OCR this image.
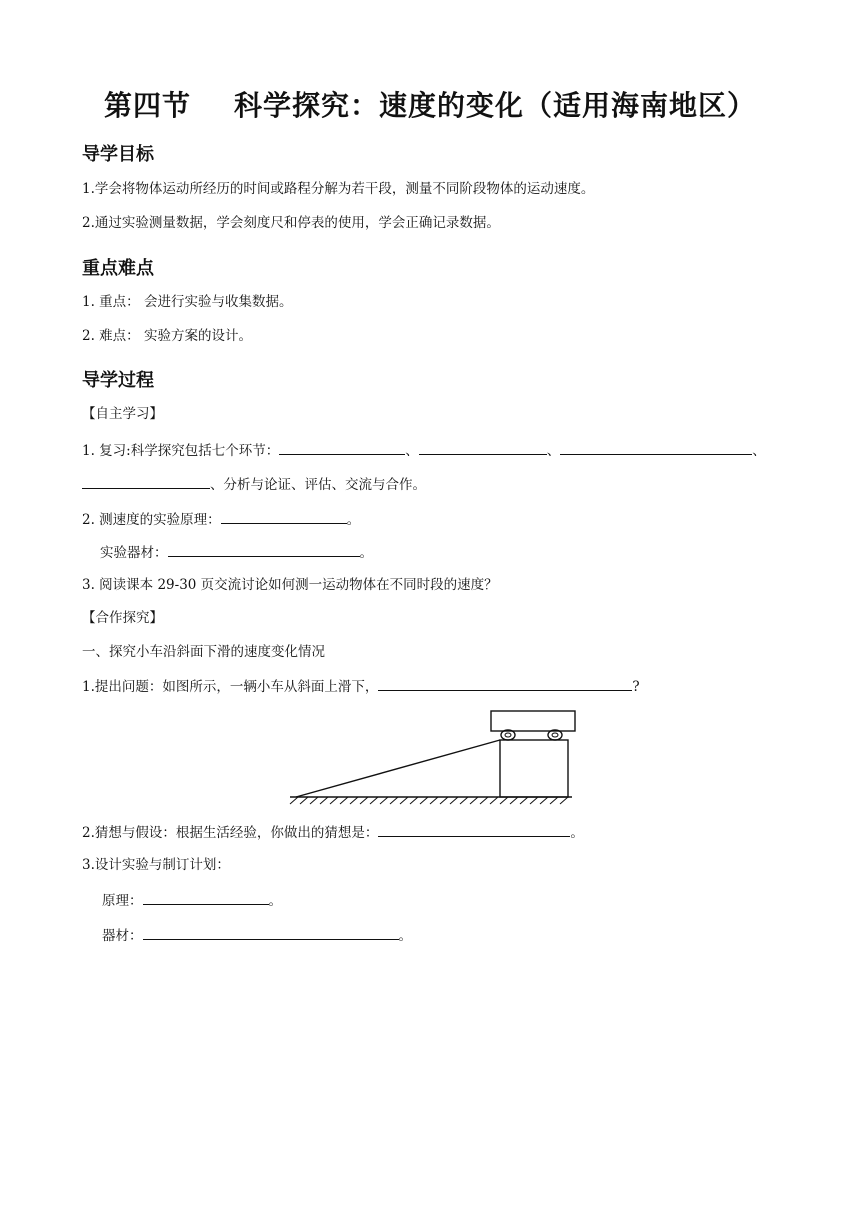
第四节    科学探究：速度的变化（适用海南地区）
导学目标
1.学会将物体运动所经历的时间或路程分解为若干段，测量不同阶段物体的运动速度。
2.通过实验测量数据，学会刻度尺和停表的使用，学会正确记录数据。
重点难点
1. 重点： 会进行实验与收集数据。
2. 难点： 实验方案的设计。
导学过程
【自主学习】
1. 复习:科学探究包括七个环节：	、	、	、
、分析与论证、评估、交流与合作。
2. 测速度的实验原理：	。
实验器材：	。
3. 阅读课本 29-30 页交流讨论如何测一运动物体在不同时段的速度？
【合作探究】
一、探究小车沿斜面下滑的速度变化情况
1.提出问题：如图所示，一辆小车从斜面上滑下，	?
2.猜想与假设：根据生活经验，你做出的猜想是：	。
3.设计实验与制订计划：
原理：	。
器材：	。
